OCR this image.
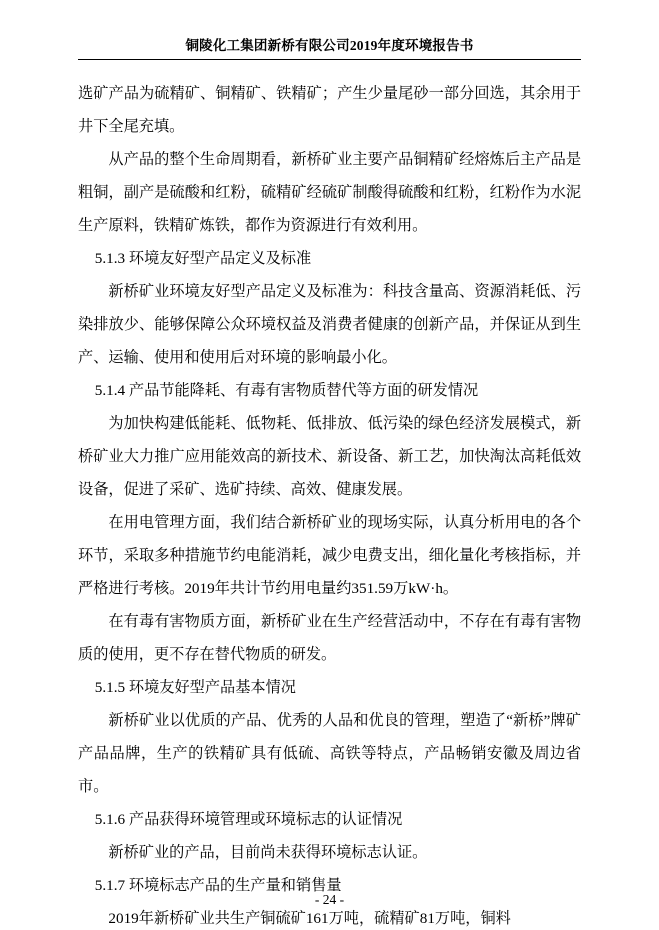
铜陵化工集团新桥有限公司2019年度环境报告书

选矿产品为硫精矿、铜精矿、铁精矿；产生少量尾砂一部分回选，其余用于井下全尾充填。

从产品的整个生命周期看，新桥矿业主要产品铜精矿经熔炼后主产品是粗铜，副产是硫酸和红粉，硫精矿经硫矿制酸得硫酸和红粉，红粉作为水泥生产原料，铁精矿炼铁，都作为资源进行有效利用。

5.1.3 环境友好型产品定义及标准

新桥矿业环境友好型产品定义及标准为：科技含量高、资源消耗低、污染排放少、能够保障公众环境权益及消费者健康的创新产品，并保证从到生产、运输、使用和使用后对环境的影响最小化。

5.1.4 产品节能降耗、有毒有害物质替代等方面的研发情况

为加快构建低能耗、低物耗、低排放、低污染的绿色经济发展模式，新桥矿业大力推广应用能效高的新技术、新设备、新工艺，加快淘汰高耗低效设备，促进了采矿、选矿持续、高效、健康发展。

在用电管理方面，我们结合新桥矿业的现场实际，认真分析用电的各个环节，采取多种措施节约电能消耗，减少电费支出，细化量化考核指标，并严格进行考核。2019年共计节约用电量约351.59万kW·h。

在有毒有害物质方面，新桥矿业在生产经营活动中，不存在有毒有害物质的使用，更不存在替代物质的研发。

5.1.5 环境友好型产品基本情况

新桥矿业以优质的产品、优秀的人品和优良的管理，塑造了“新桥”牌矿产品品牌，生产的铁精矿具有低硫、高铁等特点，产品畅销安徽及周边省市。

5.1.6 产品获得环境管理或环境标志的认证情况

新桥矿业的产品，目前尚未获得环境标志认证。

5.1.7 环境标志产品的生产量和销售量

2019年新桥矿业共生产铜硫矿161万吨，硫精矿81万吨，铜料

- 24 -
